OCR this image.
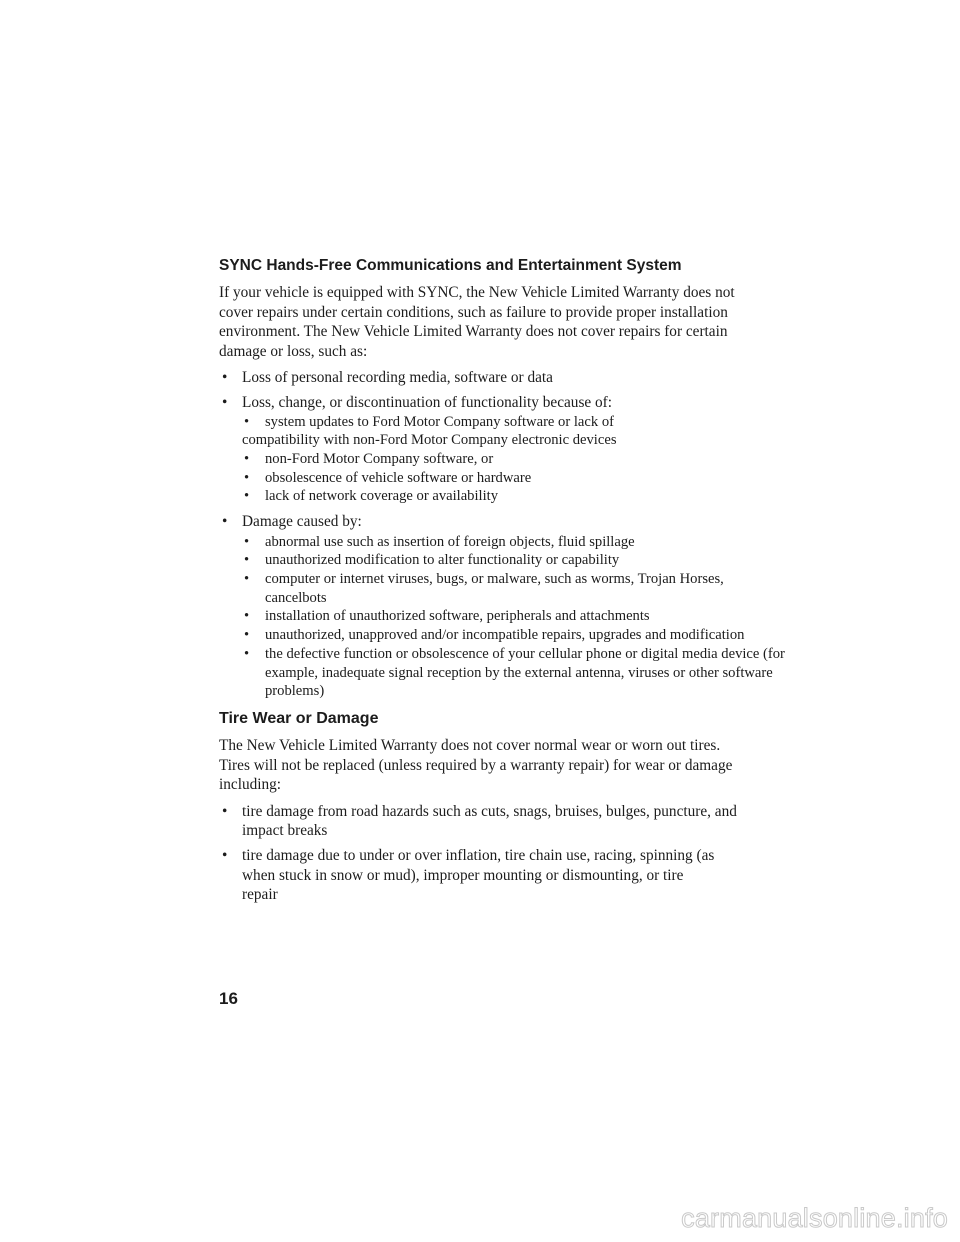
SYNC Hands-Free Communications and Entertainment System

If your vehicle is equipped with SYNC, the New Vehicle Limited Warranty does not cover repairs under certain conditions, such as failure to provide proper installation environment. The New Vehicle Limited Warranty does not cover repairs for certain damage or loss, such as:

• Loss of personal recording media, software or data
• Loss, change, or discontinuation of functionality because of:
• system updates to Ford Motor Company software or lack of
compatibility with non-Ford Motor Company electronic devices
• non-Ford Motor Company software, or
• obsolescence of vehicle software or hardware
• lack of network coverage or availability
• Damage caused by:
• abnormal use such as insertion of foreign objects, fluid spillage
• unauthorized modification to alter functionality or capability
• computer or internet viruses, bugs, or malware, such as worms, Trojan Horses, cancelbots
• installation of unauthorized software, peripherals and attachments
• unauthorized, unapproved and/or incompatible repairs, upgrades and modification
• the defective function or obsolescence of your cellular phone or digital media device (for example, inadequate signal reception by the external antenna, viruses or other software problems)
Tire Wear or Damage

The New Vehicle Limited Warranty does not cover normal wear or worn out tires. Tires will not be replaced (unless required by a warranty repair) for wear or damage including:

• tire damage from road hazards such as cuts, snags, bruises, bulges, puncture, and impact breaks
• tire damage due to under or over inflation, tire chain use, racing, spinning (as when stuck in snow or mud), improper mounting or dismounting, or tire repair
16
carmanualsonline.info
